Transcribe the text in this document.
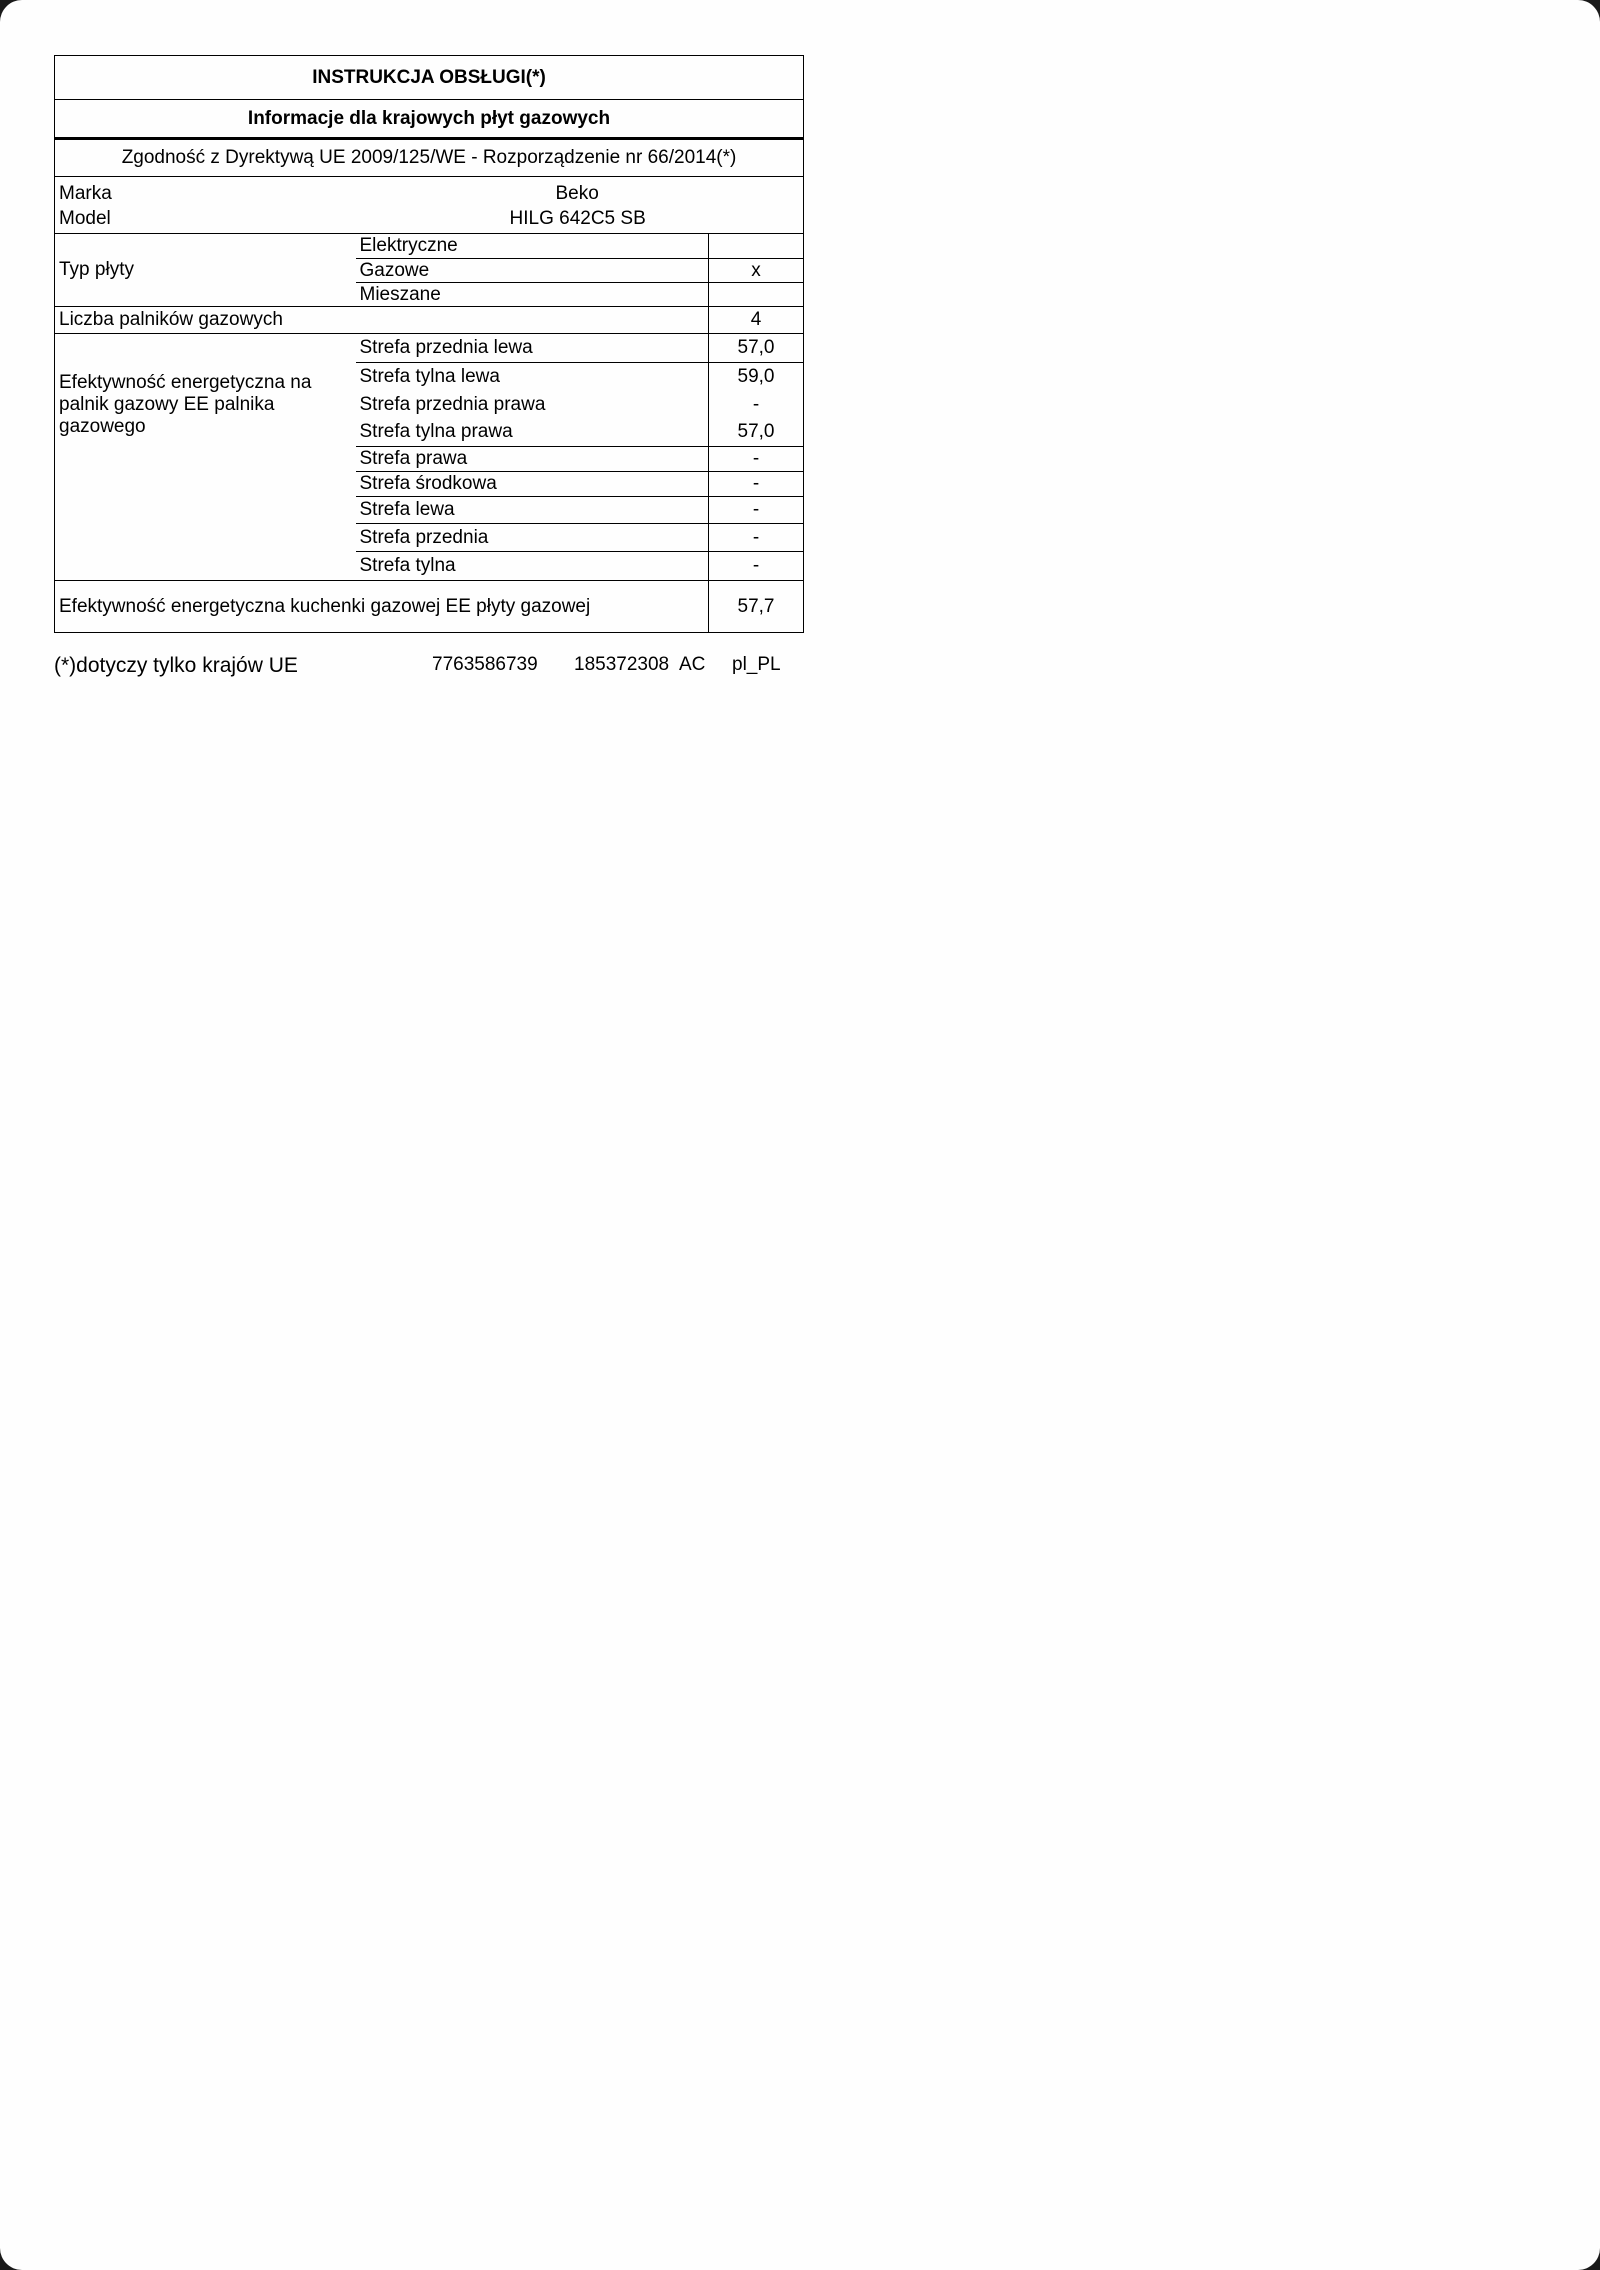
INSTRUKCJA OBSŁUGI(*)		
Informacje dla krajowych płyt gazowych		
Zgodność z Dyrektywą UE 2009/125/WE - Rozporządzenie nr 66/2014(*)		
Marka	Beko	
Model	HILG 642C5 SB	
Typ płyty	Elektryczne	
	Gazowe	x
	Mieszane	
Liczba palników gazowych		4
Efektywność energetyczna na palnik gazowy EE palnika gazowego	Strefa przednia lewa	57,0
	Strefa tylna lewa	59,0
	Strefa przednia prawa	-
	Strefa tylna prawa	57,0
	Strefa prawa	-
	Strefa środkowa	-
	Strefa lewa	-
	Strefa przednia	-
	Strefa tylna	-
Efektywność energetyczna kuchenki gazowej EE płyty gazowej		57,7
(*)dotyczy tylko krajów UE	7763586739 185372308 AC pl_PL
